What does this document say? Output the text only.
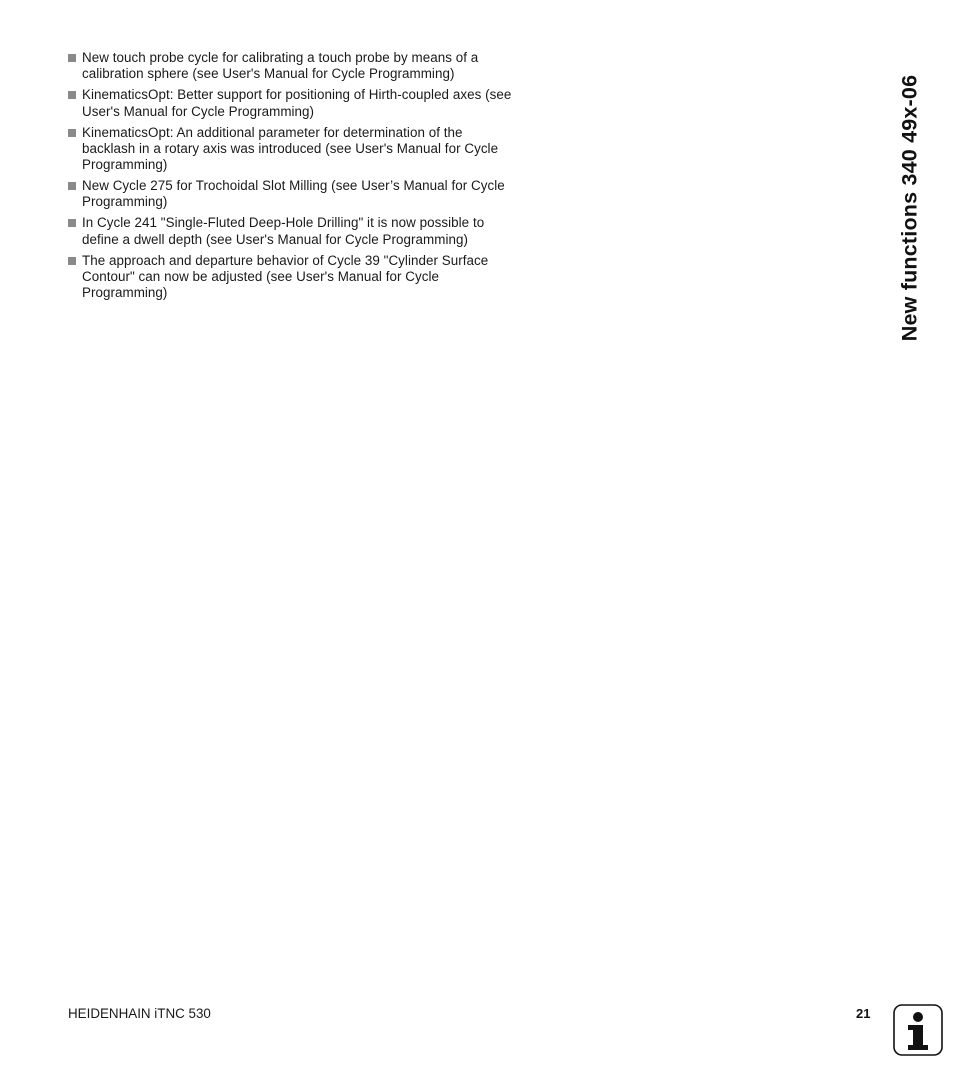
New touch probe cycle for calibrating a touch probe by means of a calibration sphere (see User's Manual for Cycle Programming)
KinematicsOpt: Better support for positioning of Hirth-coupled axes (see User's Manual for Cycle Programming)
KinematicsOpt: An additional parameter for determination of the backlash in a rotary axis was introduced (see User's Manual for Cycle Programming)
New Cycle 275 for Trochoidal Slot Milling (see User’s Manual for Cycle Programming)
In Cycle 241 "Single-Fluted Deep-Hole Drilling" it is now possible to define a dwell depth (see User's Manual for Cycle Programming)
The approach and departure behavior of Cycle 39 "Cylinder Surface Contour" can now be adjusted (see User's Manual for Cycle Programming)	New functions 340 49x-06
HEIDENHAIN iTNC 530	21
